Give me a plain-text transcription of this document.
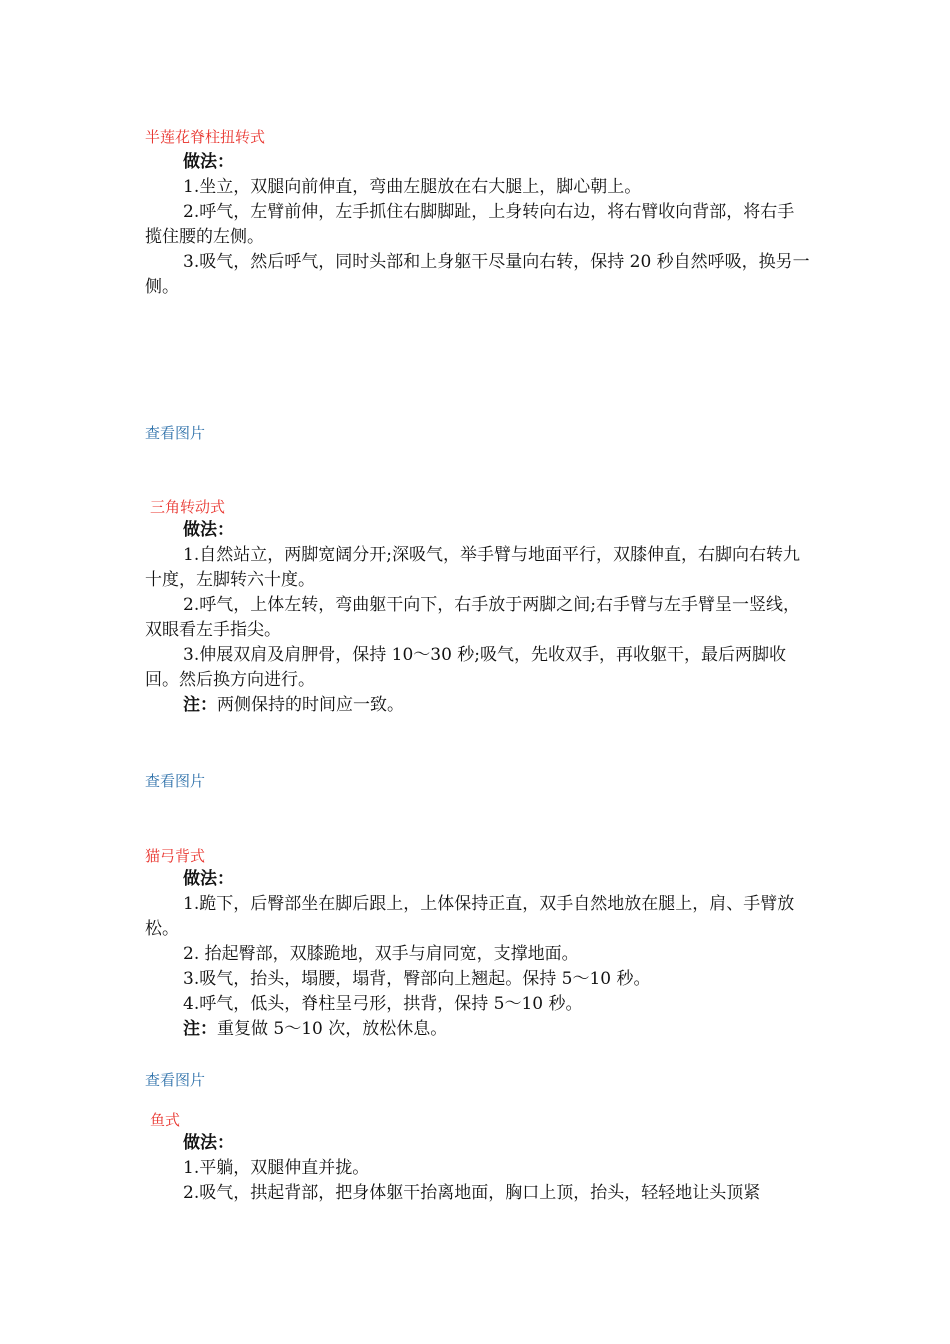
半莲花脊柱扭转式

做法：

1.坐立，双腿向前伸直，弯曲左腿放在右大腿上，脚心朝上。

2.呼气，左臂前伸，左手抓住右脚脚趾，上身转向右边，将右臂收向背部，将右手揽住腰的左侧。

3.吸气，然后呼气，同时头部和上身躯干尽量向右转，保持 20 秒自然呼吸，换另一侧。

查看图片
三角转动式

做法：

1.自然站立，两脚宽阔分开;深吸气，举手臂与地面平行，双膝伸直，右脚向右转九十度，左脚转六十度。

2.呼气，上体左转，弯曲躯干向下，右手放于两脚之间;右手臂与左手臂呈一竖线，双眼看左手指尖。

3.伸展双肩及肩胛骨，保持 10～30 秒;吸气，先收双手，再收躯干，最后两脚收回。然后换方向进行。

注：两侧保持的时间应一致。

查看图片
猫弓背式

做法：

1.跪下，后臀部坐在脚后跟上，上体保持正直，双手自然地放在腿上，肩、手臂放松。

2. 抬起臀部，双膝跪地，双手与肩同宽，支撑地面。

3.吸气，抬头，塌腰，塌背，臀部向上翘起。保持 5～10 秒。

4.呼气，低头，脊柱呈弓形，拱背，保持 5～10 秒。

注：重复做 5～10 次，放松休息。

查看图片
鱼式

做法：

1.平躺，双腿伸直并拢。

2.吸气，拱起背部，把身体躯干抬离地面，胸口上顶，抬头，轻轻地让头顶紧
